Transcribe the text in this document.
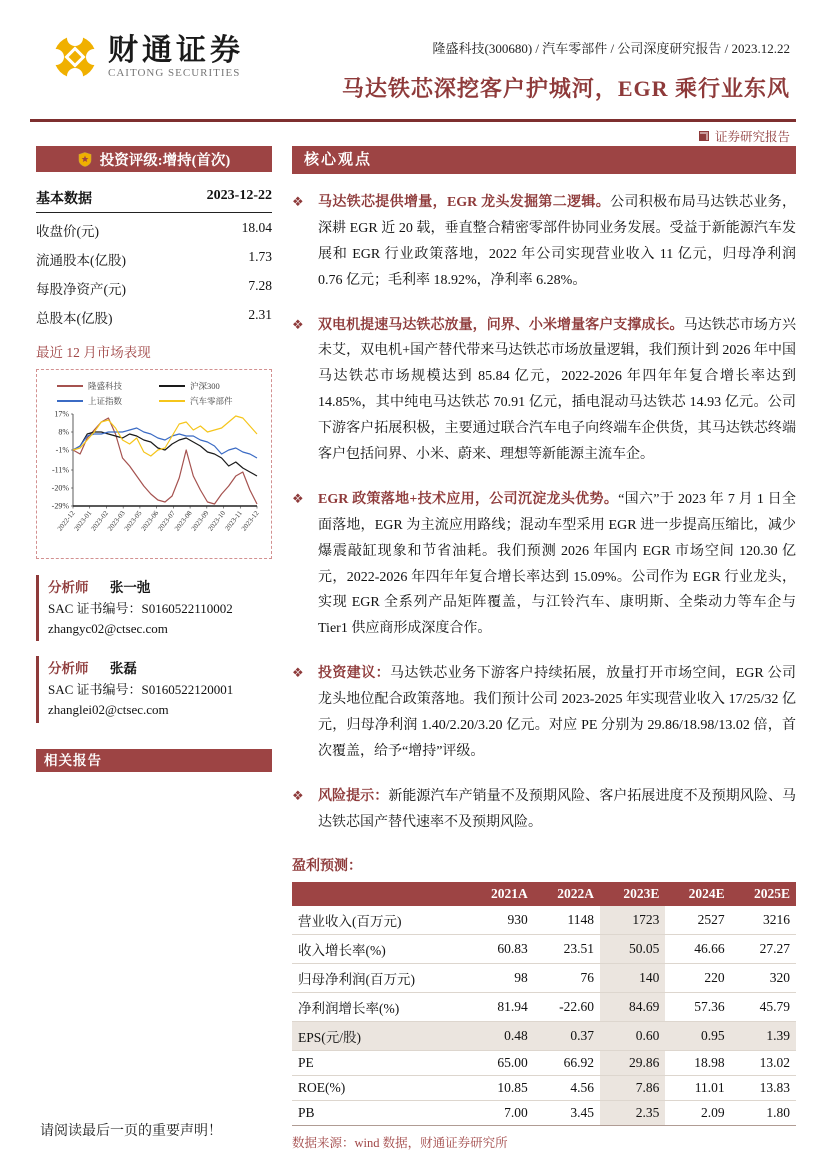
财通证券
CAITONG SECURITIES
隆盛科技(300680) / 汽车零部件 / 公司深度研究报告 / 2023.12.22
马达铁芯深挖客户护城河，EGR 乘行业东风
证券研究报告
投资评级:增持(首次)
基本数据	2023-12-22
收盘价(元)	18.04
流通股本(亿股)	1.73
每股净资产(元)	7.28
总股本(亿股)	2.31
最近 12 月市场表现
隆盛科技	沪深300
上证指数	汽车零部件
17%
8%
-1%
-11%
-20%
-29%
2022-12
2023-01
2023-02
2023-03
2023-05
2023-06
2023-07
2023-08
2023-09
2023-10
2023-11
2023-12
分析师 张一弛
SAC 证书编号：S0160522110002
zhangyc02@ctsec.com
分析师 张磊
SAC 证书编号：S0160522120001
zhanglei02@ctsec.com
相关报告
核心观点
❖	马达铁芯提供增量，EGR 龙头发掘第二逻辑。公司积极布局马达铁芯业务，深耕 EGR 近 20 载，垂直整合精密零部件协同业务发展。受益于新能源汽车发展和 EGR 行业政策落地，2022 年公司实现营业收入 11 亿元，归母净利润 0.76 亿元；毛利率 18.92%，净利率 6.28%。
❖	双电机提速马达铁芯放量，问界、小米增量客户支撑成长。马达铁芯市场方兴未艾，双电机+国产替代带来马达铁芯市场放量逻辑，我们预计到 2026 年中国马达铁芯市场规模达到 85.84 亿元，2022-2026 年四年年复合增长率达到 14.85%，其中纯电马达铁芯 70.91 亿元，插电混动马达铁芯 14.93 亿元。公司下游客户拓展积极，主要通过联合汽车电子向终端车企供货，其马达铁芯终端客户包括问界、小米、蔚来、理想等新能源主流车企。
❖	EGR 政策落地+技术应用，公司沉淀龙头优势。“国六”于 2023 年 7 月 1 日全面落地，EGR 为主流应用路线；混动车型采用 EGR 进一步提高压缩比，减少爆震敲缸现象和节省油耗。我们预测 2026 年国内 EGR 市场空间 120.30 亿元，2022-2026 年四年年复合增长率达到 15.09%。公司作为 EGR 行业龙头，实现 EGR 全系列产品矩阵覆盖，与江铃汽车、康明斯、全柴动力等车企与 Tier1 供应商形成深度合作。
❖	投资建议：马达铁芯业务下游客户持续拓展，放量打开市场空间，EGR 公司龙头地位配合政策落地。我们预计公司 2023-2025 年实现营业收入 17/25/32 亿元，归母净利润 1.40/2.20/3.20 亿元。对应 PE 分别为 29.86/18.98/13.02 倍，首次覆盖，给予“增持”评级。
❖	风险提示：新能源汽车产销量不及预期风险、客户拓展进度不及预期风险、马达铁芯国产替代速率不及预期风险。
盈利预测：
	2021A	2022A	2023E	2024E	2025E
营业收入(百万元)	930	1148	1723	2527	3216
收入增长率(%)	60.83	23.51	50.05	46.66	27.27
归母净利润(百万元)	98	76	140	220	320
净利润增长率(%)	81.94	-22.60	84.69	57.36	45.79
EPS(元/股)	0.48	0.37	0.60	0.95	1.39
PE	65.00	66.92	29.86	18.98	13.02
ROE(%)	10.85	4.56	7.86	11.01	13.83
PB	7.00	3.45	2.35	2.09	1.80
数据来源：wind 数据，财通证券研究所
请阅读最后一页的重要声明！
